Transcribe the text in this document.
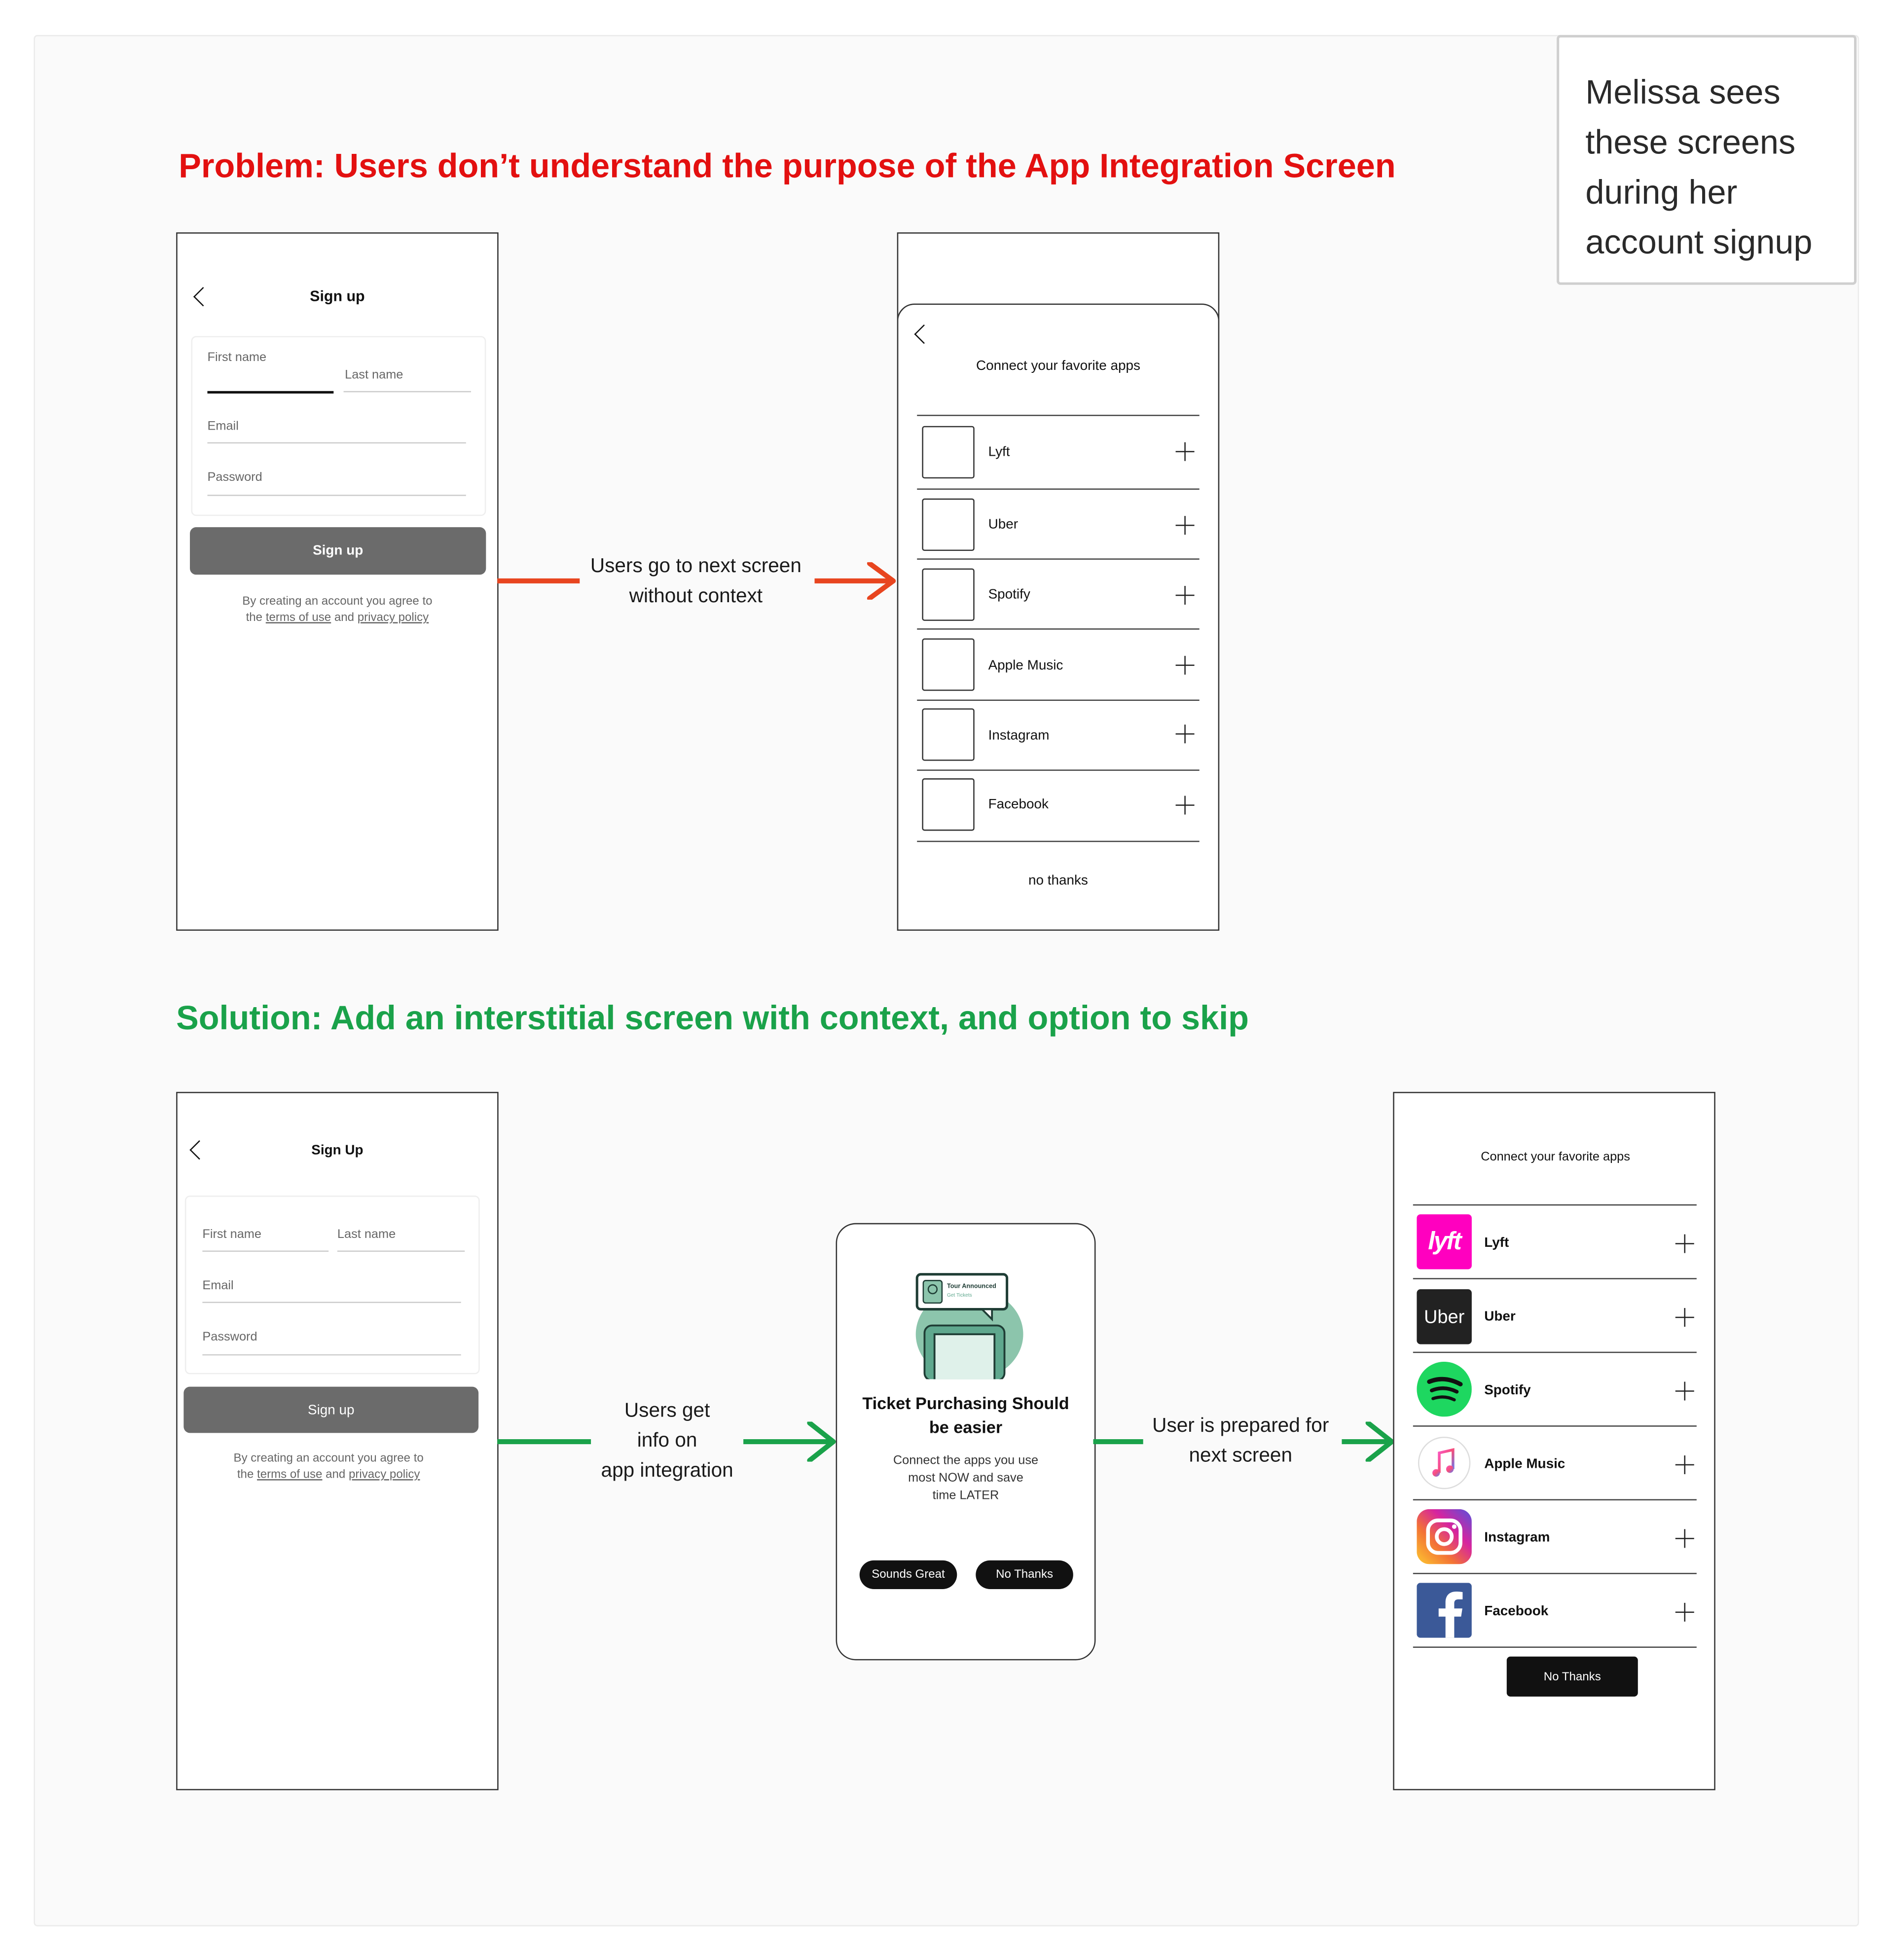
Melissa sees
these screens
during her
account signup
Problem: Users don’t understand the purpose of the App Integration Screen
Sign up
First name
Last name
Email
Password
Sign up
By creating an account you agree to
the terms of use and privacy policy
Users go to next screen
without context
Connect your favorite apps
Lyft
Uber
Spotify
Apple Music
Instagram
Facebook
no thanks
Solution: Add an interstitial screen with context, and option to skip
Sign Up
First name	Last name
Email
Password
Sign up
By creating an account you agree to
the terms of use and privacy policy
Users get
info on
app integration
Tour Announced
Get Tickets
Ticket Purchasing Should
be easier
Connect the apps you use
most NOW and save
time LATER
Sounds Great	No Thanks
User is prepared for
next screen
Connect your favorite apps
lyft	Lyft
Uber	Uber
Spotify
Apple Music
Instagram
Facebook
No Thanks
